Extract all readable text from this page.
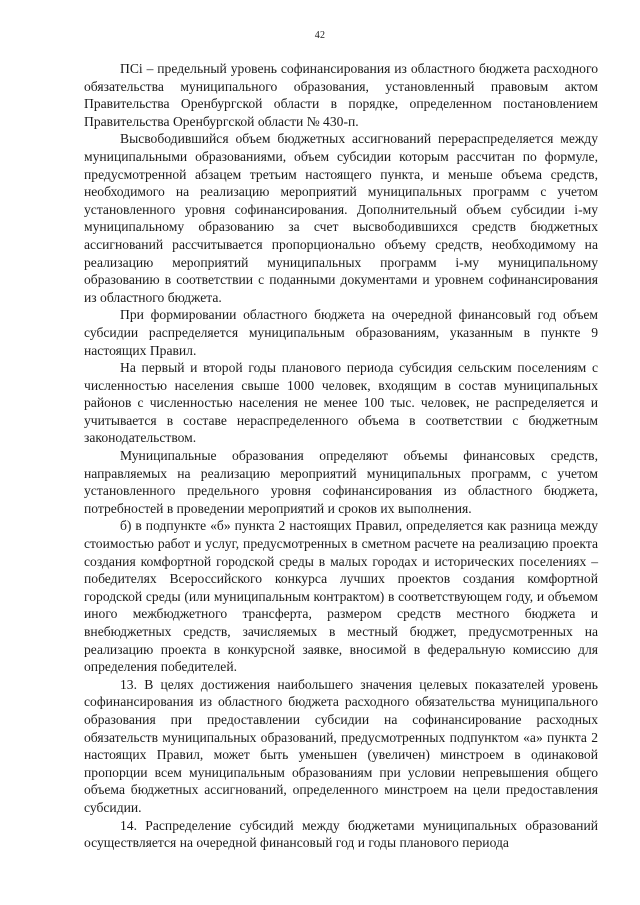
42

ПСi – предельный уровень софинансирования из областного бюджета расходного обязательства муниципального образования, установленный правовым актом Правительства Оренбургской области в порядке, определенном постановлением Правительства Оренбургской области № 430-п.

Высвободившийся объем бюджетных ассигнований перераспределяется между муниципальными образованиями, объем субсидии которым рассчитан по формуле, предусмотренной абзацем третьим настоящего пункта, и меньше объема средств, необходимого на реализацию мероприятий муниципальных программ с учетом установленного уровня софинансирования. Дополнительный объем субсидии i-му муниципальному образованию за счет высвободившихся средств бюджетных ассигнований рассчитывается пропорционально объему средств, необходимому на реализацию мероприятий муниципальных программ i-му муниципальному образованию в соответствии с поданными документами и уровнем софинансирования из областного бюджета.

При формировании областного бюджета на очередной финансовый год объем субсидии распределяется муниципальным образованиям, указанным в пункте 9 настоящих Правил.

На первый и второй годы планового периода субсидия сельским поселениям с численностью населения свыше 1000 человек, входящим в состав муниципальных районов с численностью населения не менее 100 тыс. человек, не распределяется и учитывается в составе нераспределенного объема в соответствии с бюджетным законодательством.

Муниципальные образования определяют объемы финансовых средств, направляемых на реализацию мероприятий муниципальных программ, с учетом установленного предельного уровня софинансирования из областного бюджета, потребностей в проведении мероприятий и сроков их выполнения.

б) в подпункте «б» пункта 2 настоящих Правил, определяется как разница между стоимостью работ и услуг, предусмотренных в сметном расчете на реализацию проекта создания комфортной городской среды в малых городах и исторических поселениях – победителях Всероссийского конкурса лучших проектов создания комфортной городской среды (или муниципальным контрактом) в соответствующем году, и объемом иного межбюджетного трансферта, размером средств местного бюджета и внебюджетных средств, зачисляемых в местный бюджет, предусмотренных на реализацию проекта в конкурсной заявке, вносимой в федеральную комиссию для определения победителей.

13. В целях достижения наибольшего значения целевых показателей уровень софинансирования из областного бюджета расходного обязательства муниципального образования при предоставлении субсидии на софинансирование расходных обязательств муниципальных образований, предусмотренных подпунктом «а» пункта 2 настоящих Правил, может быть уменьшен (увеличен) минстроем в одинаковой пропорции всем муниципальным образованиям при условии непревышения общего объема бюджетных ассигнований, определенного минстроем на цели предоставления субсидии.

14. Распределение субсидий между бюджетами муниципальных образований осуществляется на очередной финансовый год и годы планового периода
